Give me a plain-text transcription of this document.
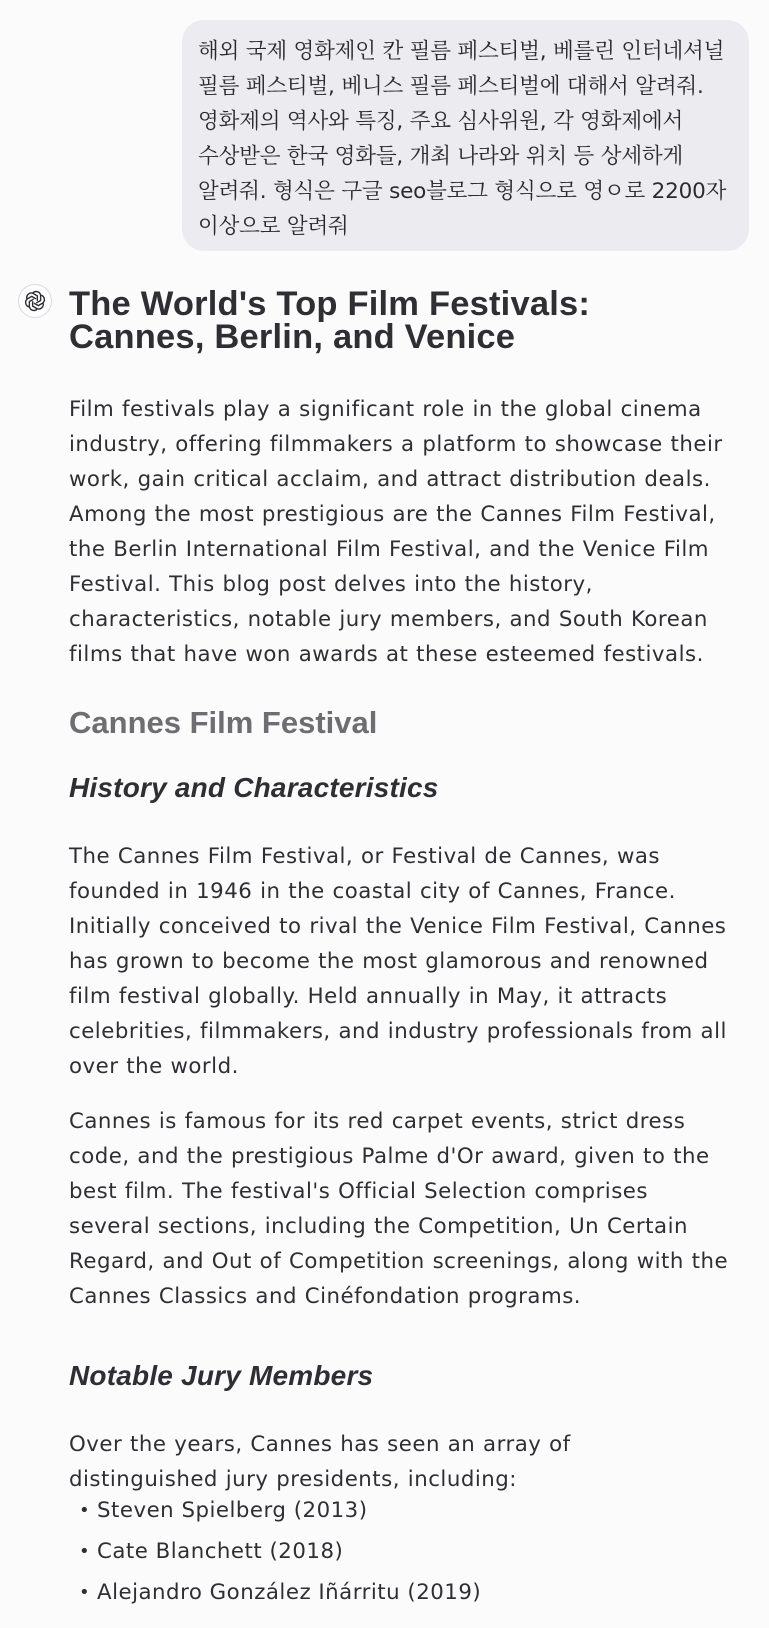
해외 국제 영화제인 칸 필름 페스티벌, 베를린 인터네셔널 필름 페스티벌, 베니스 필름 페스티벌에 대해서 알려줘. 영화제의 역사와 특징, 주요 심사위원, 각 영화제에서 수상받은 한국 영화들, 개최 나라와 위치 등 상세하게 알려줘. 형식은 구글 seo블로그 형식으로 영ㅇ로 2200자 이상으로 알려줘
The World's Top Film Festivals: Cannes, Berlin, and Venice

Film festivals play a significant role in the global cinema industry, offering filmmakers a platform to showcase their work, gain critical acclaim, and attract distribution deals. Among the most prestigious are the Cannes Film Festival, the Berlin International Film Festival, and the Venice Film Festival. This blog post delves into the history, characteristics, notable jury members, and South Korean films that have won awards at these esteemed festivals.

Cannes Film Festival
History and Characteristics

The Cannes Film Festival, or Festival de Cannes, was founded in 1946 in the coastal city of Cannes, France. Initially conceived to rival the Venice Film Festival, Cannes has grown to become the most glamorous and renowned film festival globally. Held annually in May, it attracts celebrities, filmmakers, and industry professionals from all over the world.

Cannes is famous for its red carpet events, strict dress code, and the prestigious Palme d'Or award, given to the best film. The festival's Official Selection comprises several sections, including the Competition, Un Certain Regard, and Out of Competition screenings, along with the Cannes Classics and Cinéfondation programs.

Notable Jury Members

Over the years, Cannes has seen an array of distinguished jury presidents, including:

• Steven Spielberg (2013)
• Cate Blanchett (2018)
• Alejandro González Iñárritu (2019)
